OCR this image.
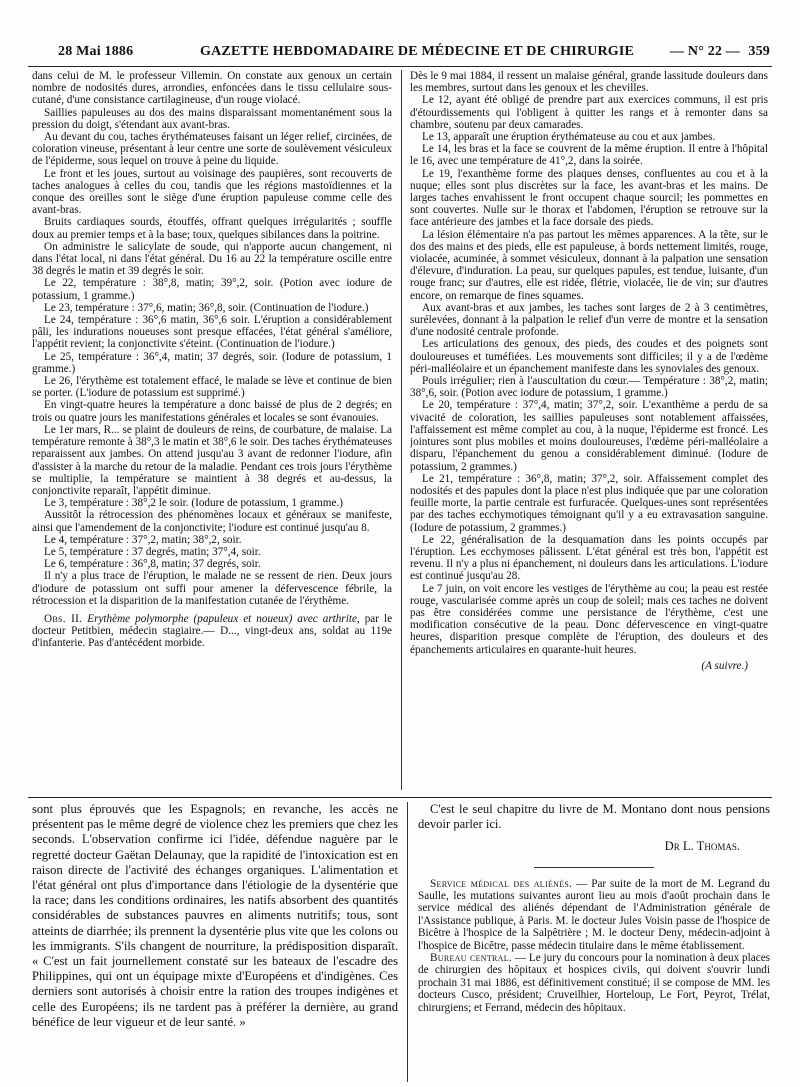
28 Mai 1886	GAZETTE HEBDOMADAIRE DE MÉDECINE ET DE CHIRURGIE	— N° 22 — 359

dans celui de M. le professeur Villemin. On constate aux genoux un certain nombre de nodosités dures, arrondies, enfoncées dans le tissu cellulaire sous-cutané, d'une consistance cartilagineuse, d'un rouge violacé.

Saillies papuleuses au dos des mains disparaissant momentanément sous la pression du doigt, s'étendant aux avant-bras.

Au devant du cou, taches érythémateuses faisant un léger relief, circinées, de coloration vineuse, présentant à leur centre une sorte de soulèvement vésiculeux de l'épiderme, sous lequel on trouve à peine du liquide.

Le front et les joues, surtout au voisinage des paupières, sont recouverts de taches analogues à celles du cou, tandis que les régions mastoïdiennes et la conque des oreilles sont le siège d'une éruption papuleuse comme celle des avant-bras.

Bruits cardiaques sourds, étouffés, offrant quelques irrégularités ; souffle doux au premier temps et à la base; toux, quelques sibilances dans la poitrine.

On administre le salicylate de soude, qui n'apporte aucun changement, ni dans l'état local, ni dans l'état général. Du 16 au 22 la température oscille entre 38 degrés le matin et 39 degrés le soir.

Le 22, température : 38°,8, matin; 39°,2, soir. (Potion avec iodure de potassium, 1 gramme.)

Le 23, température : 37°,6, matin; 36°,8, soir. (Continuation de l'iodure.)

Le 24, température : 36°,6 matin, 36°,6 soir. L'éruption a considérablement pâli, les indurations noueuses sont presque effacées, l'état général s'améliore, l'appétit revient; la conjonctivite s'éteint. (Continuation de l'iodure.)

Le 25, température : 36°,4, matin; 37 degrés, soir. (Iodure de potassium, 1 gramme.)

Le 26, l'érythème est totalement effacé, le malade se lève et continue de bien se porter. (L'iodure de potassium est supprimé.)

En vingt-quatre heures la température a donc baissé de plus de 2 degrés; en trois ou quatre jours les manifestations générales et locales se sont évanouies.

Le 1er mars, R... se plaint de douleurs de reins, de courbature, de malaise. La température remonte à 38°,3 le matin et 38°,6 le soir. Des taches érythémateuses reparaissent aux jambes. On attend jusqu'au 3 avant de redonner l'iodure, afin d'assister à la marche du retour de la maladie. Pendant ces trois jours l'érythème se multiplie, la température se maintient à 38 degrés et au-dessus, la conjonctivite reparaît, l'appétit diminue.

Le 3, température : 38°,2 le soir. (Iodure de potassium, 1 gramme.)

Aussitôt la rétrocession des phénomènes locaux et généraux se manifeste, ainsi que l'amendement de la conjonctivite; l'iodure est continué jusqu'au 8.

Le 4, température : 37°,2, matin; 38°,2, soir.

Le 5, température : 37 degrés, matin; 37°,4, soir.

Le 6, température : 36°,8, matin; 37 degrés, soir.

Il n'y a plus trace de l'éruption, le malade ne se ressent de rien. Deux jours d'iodure de potassium ont suffi pour amener la défervescence fébrile, la rétrocession et la disparition de la manifestation cutanée de l'érythème.

Obs. II. Erythème polymorphe (papuleux et noueux) avec arthrite, par le docteur Petitbien, médecin stagiaire.— D..., vingt-deux ans, soldat au 119e d'infanterie. Pas d'antécédent morbide.

Dès le 9 mai 1884, il ressent un malaise général, grande lassitude douleurs dans les membres, surtout dans les genoux et les chevilles.

Le 12, ayant été obligé de prendre part aux exercices communs, il est pris d'étourdissements qui l'obligent à quitter les rangs et à remonter dans sa chambre, soutenu par deux camarades.

Le 13, apparaît une éruption érythémateuse au cou et aux jambes.

Le 14, les bras et la face se couvrent de la même éruption. Il entre à l'hôpital le 16, avec une température de 41°,2, dans la soirée.

Le 19, l'exanthème forme des plaques denses, confluentes au cou et à la nuque; elles sont plus discrètes sur la face, les avant-bras et les mains. De larges taches envahissent le front occupent chaque sourcil; les pommettes en sont couvertes. Nulle sur le thorax et l'abdomen, l'éruption se retrouve sur la face antérieure des jambes et la face dorsale des pieds.

La lésion élémentaire n'a pas partout les mêmes apparences. A la tête, sur le dos des mains et des pieds, elle est papuleuse, à bords nettement limités, rouge, violacée, acuminée, à sommet vésiculeux, donnant à la palpation une sensation d'élevure, d'induration. La peau, sur quelques papules, est tendue, luisante, d'un rouge franc; sur d'autres, elle est ridée, flétrie, violacée, lie de vin; sur d'autres encore, on remarque de fines squames.

Aux avant-bras et aux jambes, les taches sont larges de 2 à 3 centimètres, surélevées, donnant à la palpation le relief d'un verre de montre et la sensation d'une nodosité centrale profonde.

Les articulations des genoux, des pieds, des coudes et des poignets sont douloureuses et tuméfiées. Les mouvements sont difficiles; il y a de l'œdème péri-malléolaire et un épanchement manifeste dans les synoviales des genoux.

Pouls irrégulier; rien à l'auscultation du cœur.— Température : 38°,2, matin; 38°,6, soir. (Potion avec iodure de potassium, 1 gramme.)

Le 20, température : 37°,4, matin; 37°,2, soir. L'exanthème a perdu de sa vivacité de coloration, les saillies papuleuses sont notablement affaissées, l'affaissement est même complet au cou, à la nuque, l'épiderme est froncé. Les jointures sont plus mobiles et moins douloureuses, l'œdème péri-malléolaire a disparu, l'épanchement du genou a considérablement diminué. (Iodure de potassium, 2 grammes.)

Le 21, température : 36°,8, matin; 37°,2, soir. Affaissement complet des nodosités et des papules dont la place n'est plus indiquée que par une coloration feuille morte, la partie centrale est furfuracée. Quelques-unes sont représentées par des taches ecchymotiques témoignant qu'il y a eu extravasation sanguine. (Iodure de potassium, 2 grammes.)

Le 22, généralisation de la desquamation dans les points occupés par l'éruption. Les ecchymoses pâlissent. L'état général est très bon, l'appétit est revenu. Il n'y a plus ni épanchement, ni douleurs dans les articulations. L'iodure est continué jusqu'au 28.

Le 7 juin, on voit encore les vestiges de l'érythème au cou; la peau est restée rouge, vascularisée comme après un coup de soleil; mais ces taches ne doivent pas être considérées comme une persistance de l'érythème, c'est une modification consécutive de la peau. Donc défervescence en vingt-quatre heures, disparition presque complète de l'éruption, des douleurs et des épanchements articulaires en quarante-huit heures.

(A suivre.)

sont plus éprouvés que les Espagnols; en revanche, les accès ne présentent pas le même degré de violence chez les premiers que chez les seconds. L'observation confirme ici l'idée, défendue naguère par le regretté docteur Gaëtan Delaunay, que la rapidité de l'intoxication est en raison directe de l'activité des échanges organiques. L'alimentation et l'état général ont plus d'importance dans l'étiologie de la dysentérie que la race; dans les conditions ordinaires, les natifs absorbent des quantités considérables de substances pauvres en aliments nutritifs; tous, sont atteints de diarrhée; ils prennent la dysentérie plus vite que les colons ou les immigrants. S'ils changent de nourriture, la prédisposition disparaît. « C'est un fait journellement constaté sur les bateaux de l'escadre des Philippines, qui ont un équipage mixte d'Européens et d'indigènes. Ces derniers sont autorisés à choisir entre la ration des troupes indigènes et celle des Européens; ils ne tardent pas à préférer la dernière, au grand bénéfice de leur vigueur et de leur santé. »

C'est le seul chapitre du livre de M. Montano dont nous pensions devoir parler ici.

Dr L. Thomas.

Service médical des aliénés. — Par suite de la mort de M. Legrand du Saulle, les mutations suivantes auront lieu au mois d'août prochain dans le service médical des aliénés dépendant de l'Administration générale de l'Assistance publique, à Paris. M. le docteur Jules Voisin passe de l'hospice de Bicêtre à l'hospice de la Salpêtrière ; M. le docteur Deny, médecin-adjoint à l'hospice de Bicêtre, passe médecin titulaire dans le même établissement.

Bureau central. — Le jury du concours pour la nomination à deux places de chirurgien des hôpitaux et hospices civils, qui doivent s'ouvrir lundi prochain 31 mai 1886, est définitivement constitué; il se compose de MM. les docteurs Cusco, président; Cruveilhier, Horteloup, Le Fort, Peyrot, Trélat, chirurgiens; et Ferrand, médecin des hôpitaux.
